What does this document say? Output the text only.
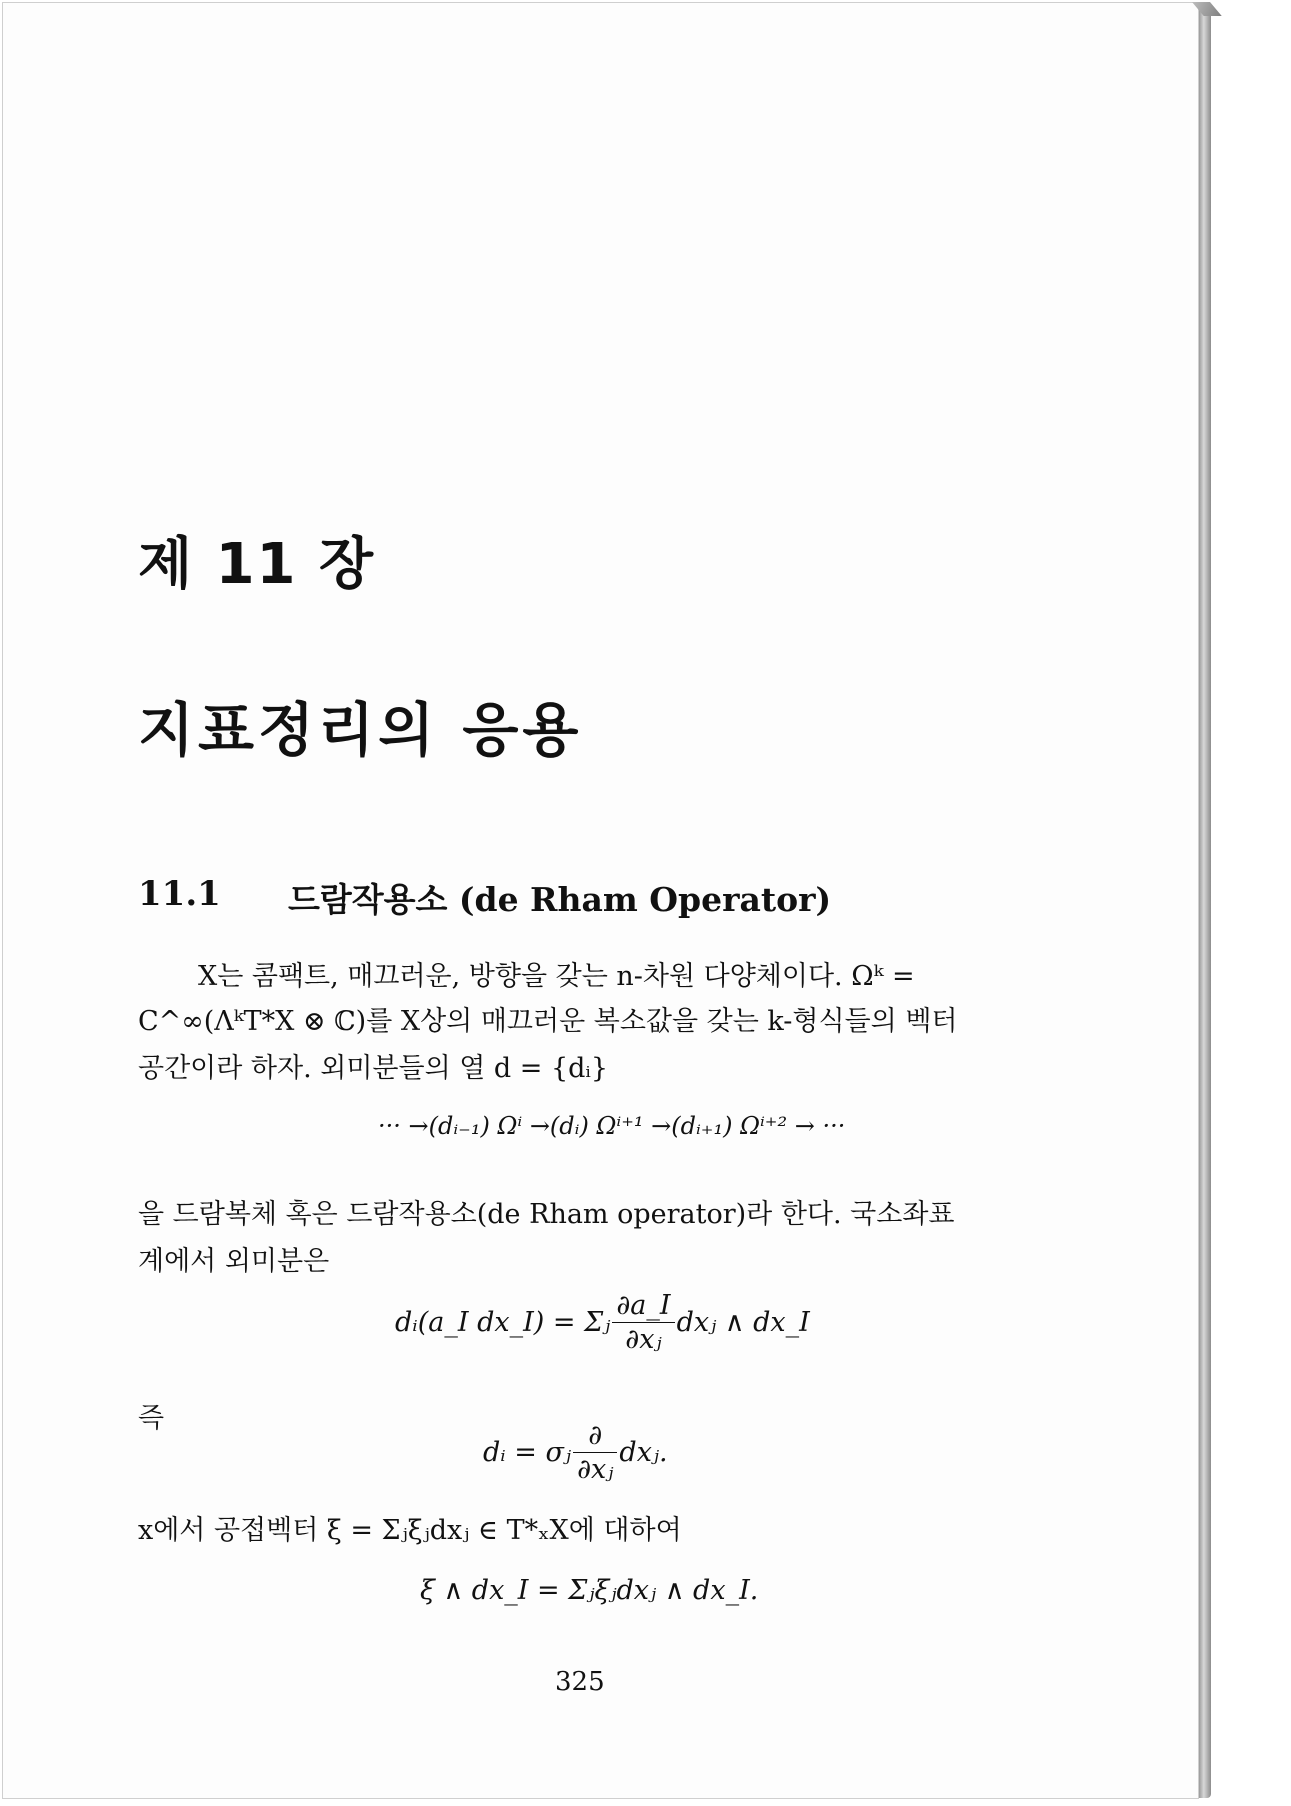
제 11 장
지표정리의 응용
11.1 드람작용소 (de Rham Operator)
X는 콤팩트, 매끄러운, 방향을 갖는 n-차원 다양체이다. Ωᵏ =
C^∞(ΛᵏT*X ⊗ ℂ)를 X상의 매끄러운 복소값을 갖는 k-형식들의 벡터
공간이라 하자. 외미분들의 열 d = {dᵢ}
··· →(dᵢ₋₁) Ωⁱ →(dᵢ) Ωⁱ⁺¹ →(dᵢ₊₁) Ωⁱ⁺² → ···
을 드람복체 혹은 드람작용소(de Rham operator)라 한다. 국소좌표
계에서 외미분은
dᵢ(a_I dx_I) = Σⱼ $\frac{\partial a\_I}{\text{∂xⱼ}}$ dxⱼ ∧ dx_I
즉
dᵢ = σⱼ $\frac{\partial}{\text{∂xⱼ}}$ dxⱼ.
x에서 공접벡터 ξ = Σⱼξⱼdxⱼ ∈ T*ₓX에 대하여
ξ ∧ dx_I = Σⱼξⱼdxⱼ ∧ dx_I.
325
